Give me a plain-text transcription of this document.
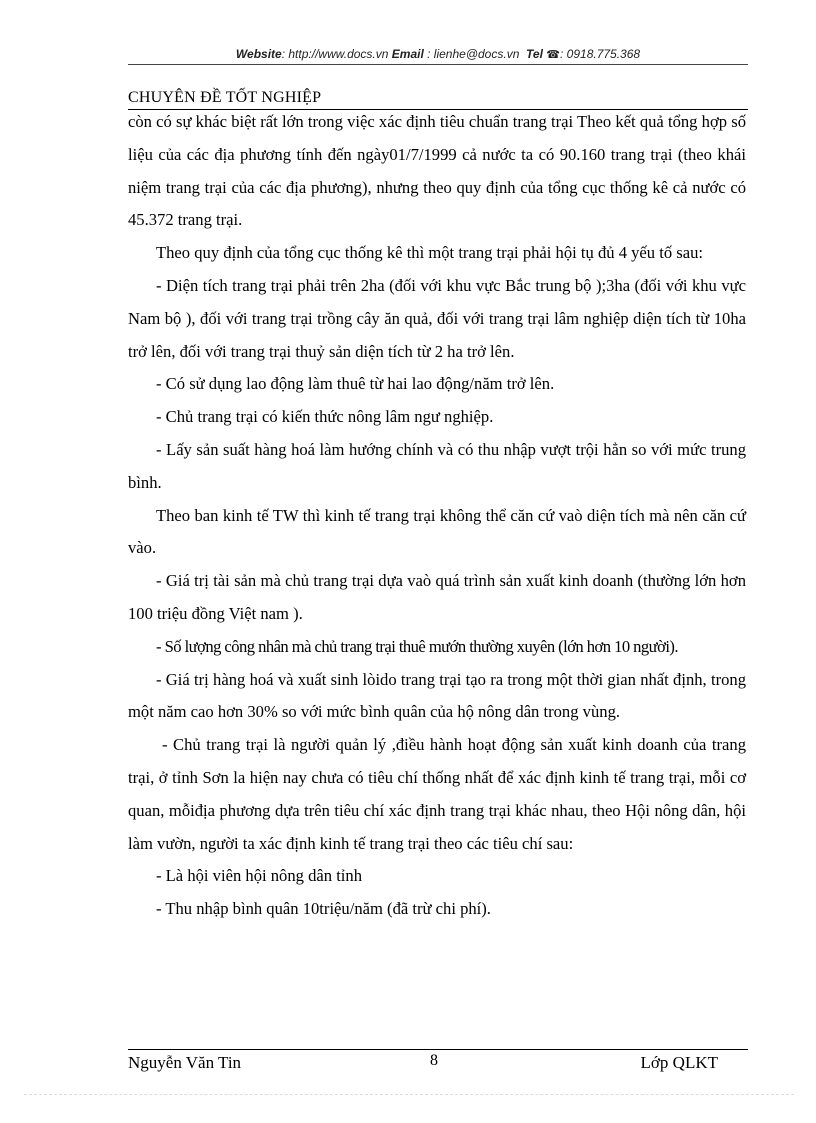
Website: http://www.docs.vn Email : lienhe@docs.vn Tel ☎: 0918.775.368
CHUYÊN ĐỀ TỐT NGHIỆP

còn có sự khác biệt rất lớn trong việc xác định tiêu chuẩn trang trại Theo kết quả tổng hợp số liệu của các địa phương tính đến ngày01/7/1999 cả nước ta có 90.160 trang trại (theo khái niệm trang trại của các địa phương), nhưng theo quy định của tổng cục thống kê cả nước có 45.372 trang trại.

Theo quy định của tổng cục thống kê thì một trang trại phải hội tụ đủ 4 yếu tố sau:

- Diện tích trang trại phải trên 2ha (đối với khu vực Bắc trung bộ );3ha (đối với khu vực Nam bộ ), đối với trang trại trồng cây ăn quả, đối với trang trại lâm nghiệp diện tích từ 10ha trở lên, đối với trang trại thuỷ sản diện tích từ 2 ha trở lên.

- Có sử dụng lao động làm thuê từ hai lao động/năm trở lên.

- Chủ trang trại có kiến thức nông lâm ngư nghiệp.

- Lấy sản suất hàng hoá làm hướng chính và có thu nhập vượt trội hẳn so với mức trung bình.

Theo ban kinh tế TW thì kinh tế trang trại không thể căn cứ vaò diện tích mà nên căn cứ vào.

- Giá trị tài sản mà chủ trang trại dựa vaò quá trình sản xuất kinh doanh (thường lớn hơn 100 triệu đồng Việt nam ).

- Số lượng công nhân mà chủ trang trại thuê mướn thường xuyên (lớn hơn 10 người).

- Giá trị hàng hoá và xuất sinh lòido trang trại tạo ra trong một thời gian nhất định, trong một năm cao hơn 30% so với mức bình quân của hộ nông dân trong vùng.

- Chủ trang trại là người quản lý ,điều hành hoạt động sản xuất kinh doanh của trang trại, ở tỉnh Sơn la hiện nay chưa có tiêu chí thống nhất để xác định kinh tế trang trại, mỗi cơ quan, mỗiđịa phương dựa trên tiêu chí xác định trang trại khác nhau, theo Hội nông dân, hội làm vườn, người ta xác định kinh tế trang trại theo các tiêu chí sau:

- Là hội viên hội nông dân tỉnh

- Thu nhập bình quân 10triệu/năm (đã trừ chi phí).

Nguyễn Văn Tin	8	Lớp QLKT
